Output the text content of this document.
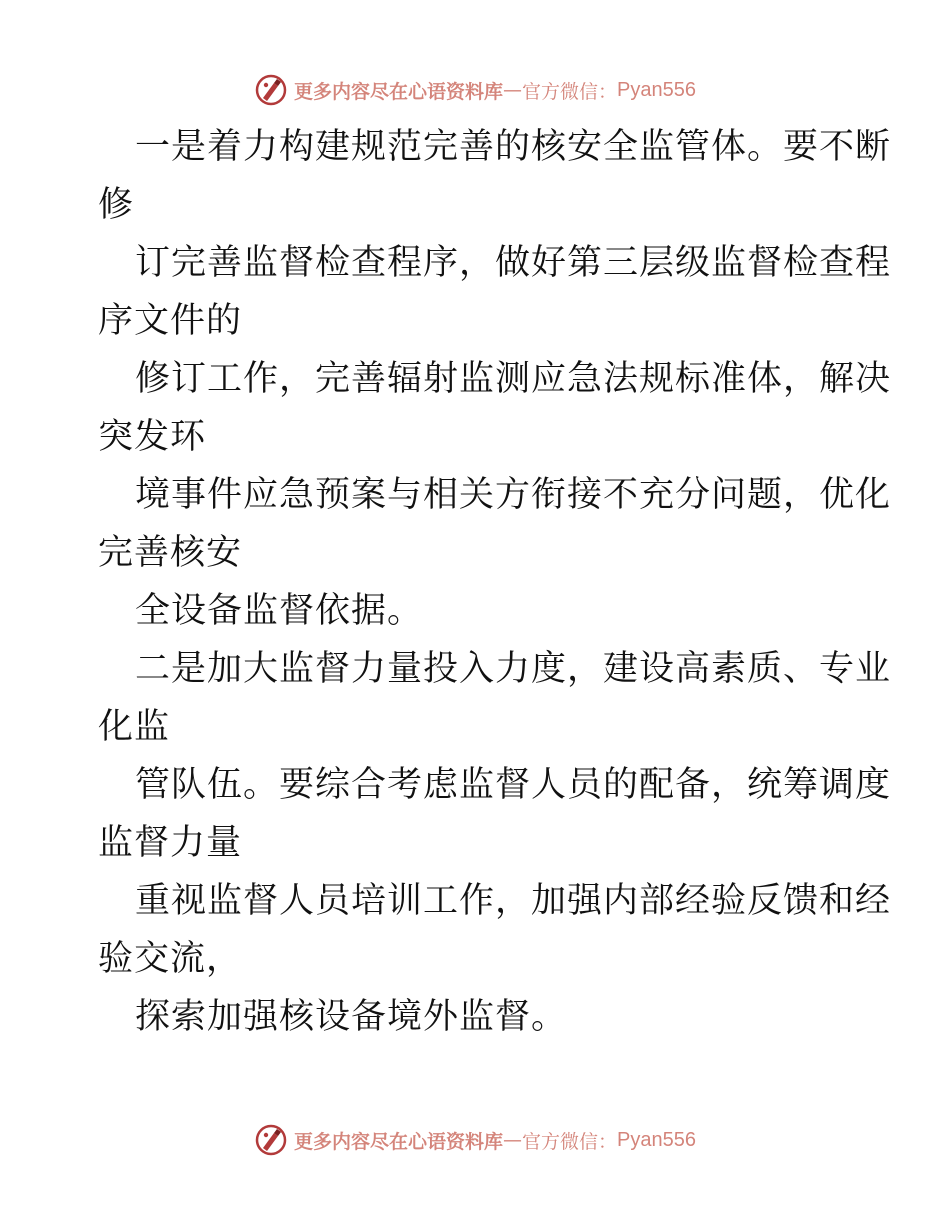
更多内容尽在心语资料库 — 官方微信： Pyan556
一是着力构建规范完善的核安全监管体。要不断
修
订完善监督检查程序，做好第三层级监督检查程
序文件的
修订工作，完善辐射监测应急法规标准体，解决
突发环
境事件应急预案与相关方衔接不充分问题，优化
完善核安
全设备监督依据。
二是加大监督力量投入力度，建设高素质、专业
化监
管队伍。要综合考虑监督人员的配备，统筹调度
监督力量
重视监督人员培训工作，加强内部经验反馈和经
验交流，
探索加强核设备境外监督。
更多内容尽在心语资料库 — 官方微信： Pyan556
